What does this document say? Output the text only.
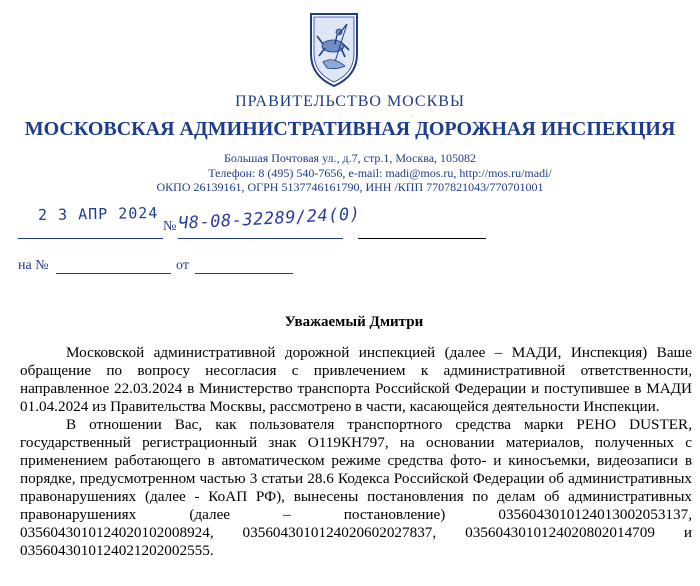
ПРАВИТЕЛЬСТВО МОСКВЫ
МОСКОВСКАЯ АДМИНИСТРАТИВНАЯ ДОРОЖНАЯ ИНСПЕКЦИЯ
Большая Почтовая ул., д.7, стр.1, Москва, 105082
Телефон: 8 (495) 540-7656, e-mail: madi@mos.ru, http://mos.ru/madi/
ОКПО 26139161, ОГРН 5137746161790, ИНН /КПП 7707821043/770701001
2 3 АПР 2024
№ Ч8-08-32289/24(0)
на №	от
Уважаемый Дмитри

Московской административной дорожной инспекцией (далее – МАДИ, Инспекция) Ваше обращение по вопросу несогласия с привлечением к административной ответственности, направленное 22.03.2024 в Министерство транспорта Российской Федерации и поступившее в МАДИ 01.04.2024 из Правительства Москвы, рассмотрено в части, касающейся деятельности Инспекции.

В отношении Вас, как пользователя транспортного средства марки РЕНО DUSTER, государственный регистрационный знак О119КН797, на основании материалов, полученных с применением работающего в автоматическом режиме средства фото- и киносъемки, видеозаписи в порядке, предусмотренном частью 3 статьи 28.6 Кодекса Российской Федерации об административных правонарушениях (далее - КоАП РФ), вынесены постановления по делам об административных правонарушениях (далее – постановление) 0356043010124013002053137, 0356043010124020102008924, 0356043010124020602027837, 0356043010124020802014709 и 0356043010124021202002555.
